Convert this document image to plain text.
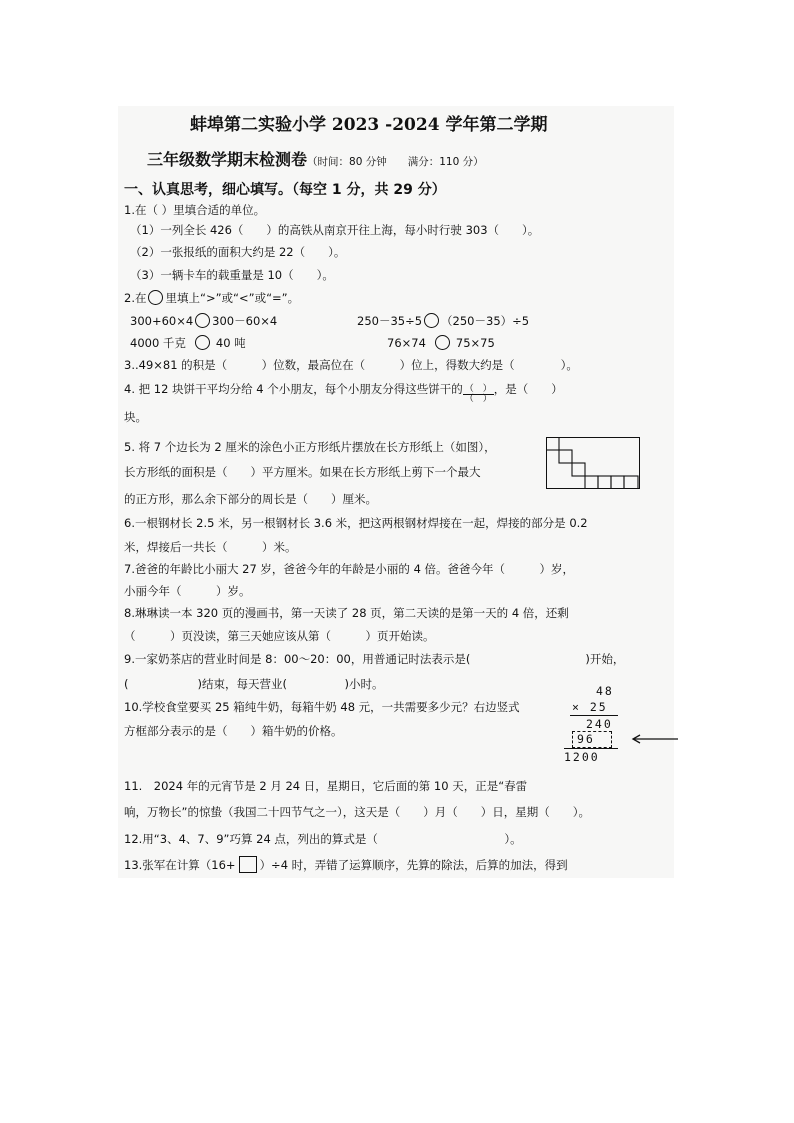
蚌埠第二实验小学 2023 -2024 学年第二学期
三年级数学期末检测卷（时间：80 分钟　　满分：110 分）
一、认真思考，细心填写。（每空 1 分，共 29 分）
1.在（ ）里填合适的单位。
（1）一列全长 426（　　）的高铁从南京开往上海，每小时行驶 303（　　）。
（2）一张报纸的面积大约是 22（　　）。
（3）一辆卡车的载重量是 10（　　）。
2.在 里填上“>”或“<”或“=”。
300+60×4 300－60×4	250－35÷5 （250－35）÷5
4000 千克	40 吨	76×74	75×75
3..49×81 的积是（　　　）位数，最高位在（　　　）位上，得数大约是（　　　　）。
4. 把 12 块饼干平均分给 4 个小朋友，每个小朋友分得这些饼干的 $\frac{( )}{( )}$ ，是（　　）
块。
5. 将 7 个边长为 2 厘米的涂色小正方形纸片摆放在长方形纸上（如图），
长方形纸的面积是（　　）平方厘米。如果在长方形纸上剪下一个最大
的正方形，那么余下部分的周长是（　　）厘米。
6.一根钢材长 2.5 米，另一根钢材长 3.6 米，把这两根钢材焊接在一起，焊接的部分是 0.2
米，焊接后一共长（　　　）米。
7.爸爸的年龄比小丽大 27 岁，爸爸今年的年龄是小丽的 4 倍。爸爸今年（　　　）岁，
小丽今年（　　　）岁。
8.琳琳读一本 320 页的漫画书，第一天读了 28 页，第二天读的是第一天的 4 倍，还剩
（　　　）页没读，第三天她应该从第（　　　）页开始读。
9.一家奶茶店的营业时间是 8：00～20：00，用普通记时法表示是(　　　　　　　　　　)开始，
(　　　　　　)结束，每天营业(　　　　　)小时。
10.学校食堂要买 25 箱纯牛奶，每箱牛奶 48 元，一共需要多少元？右边竖式
方框部分表示的是（　　）箱牛奶的价格。
48
× 25
240
96
1200
11.　2024 年的元宵节是 2 月 24 日，星期日，它后面的第 10 天，正是“春雷
响，万物长”的惊蛰（我国二十四节气之一），这天是（　　）月（　　）日，星期（　　）。
12.用“3、4、7、9”巧算 24 点，列出的算式是（　　　　　　　　　　　）。
13.张军在计算（16+ ）÷4 时，弄错了运算顺序，先算的除法，后算的加法，得到
